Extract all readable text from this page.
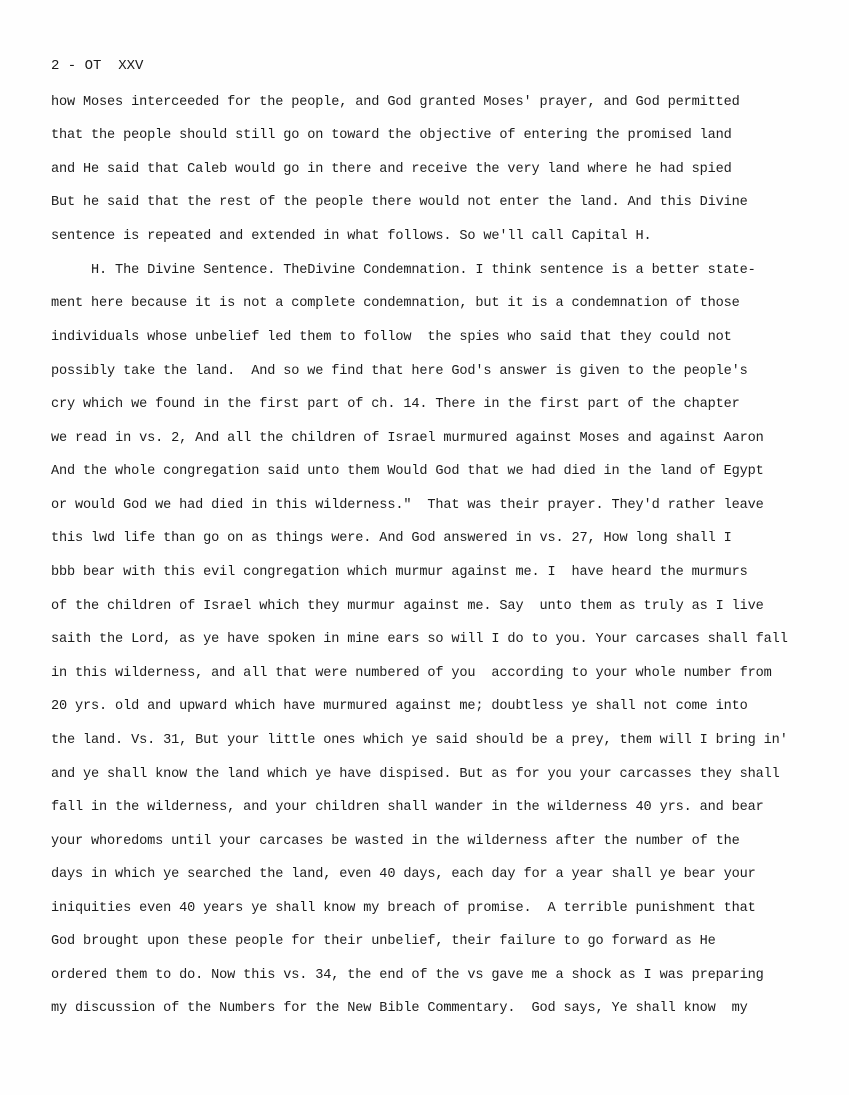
2 - OT  XXV
how Moses interceeded for the people, and God granted Moses' prayer, and God permitted
that the people should still go on toward the objective of entering the promised land
and He said that Caleb would go in there and receive the very land where he had spied
But he said that the rest of the people there would not enter the land. And this Divine
sentence is repeated and extended in what follows. So we'll call Capital H.
H. The Divine Sentence. TheDivine Condemnation. I think sentence is a better state-
ment here because it is not a complete condemnation, but it is a condemnation of those
individuals whose unbelief led them to follow  the spies who said that they could not
possibly take the land.  And so we find that here God's answer is given to the people's
cry which we found in the first part of ch. 14. There in the first part of the chapter
we read in vs. 2, And all the children of Israel murmured against Moses and against Aaron
And the whole congregation said unto them Would God that we had died in the land of Egypt
or would God we had died in this wilderness."  That was their prayer. They'd rather leave
this lwd life than go on as things were. And God answered in vs. 27, How long shall I
bbb bear with this evil congregation which murmur against me. I  have heard the murmurs
of the children of Israel which they murmur against me. Say  unto them as truly as I live
saith the Lord, as ye have spoken in mine ears so will I do to you. Your carcases shall fall
in this wilderness, and all that were numbered of you  according to your whole number from
20 yrs. old and upward which have murmured against me; doubtless ye shall not come into
the land. Vs. 31, But your little ones which ye said should be a prey, them will I bring in'
and ye shall know the land which ye have dispised. But as for you your carcasses they shall
fall in the wilderness, and your children shall wander in the wilderness 40 yrs. and bear
your whoredoms until your carcases be wasted in the wilderness after the number of the
days in which ye searched the land, even 40 days, each day for a year shall ye bear your
iniquities even 40 years ye shall know my breach of promise.  A terrible punishment that
God brought upon these people for their unbelief, their failure to go forward as He
ordered them to do. Now this vs. 34, the end of the vs gave me a shock as I was preparing
my discussion of the Numbers for the New Bible Commentary.  God says, Ye shall know  my
